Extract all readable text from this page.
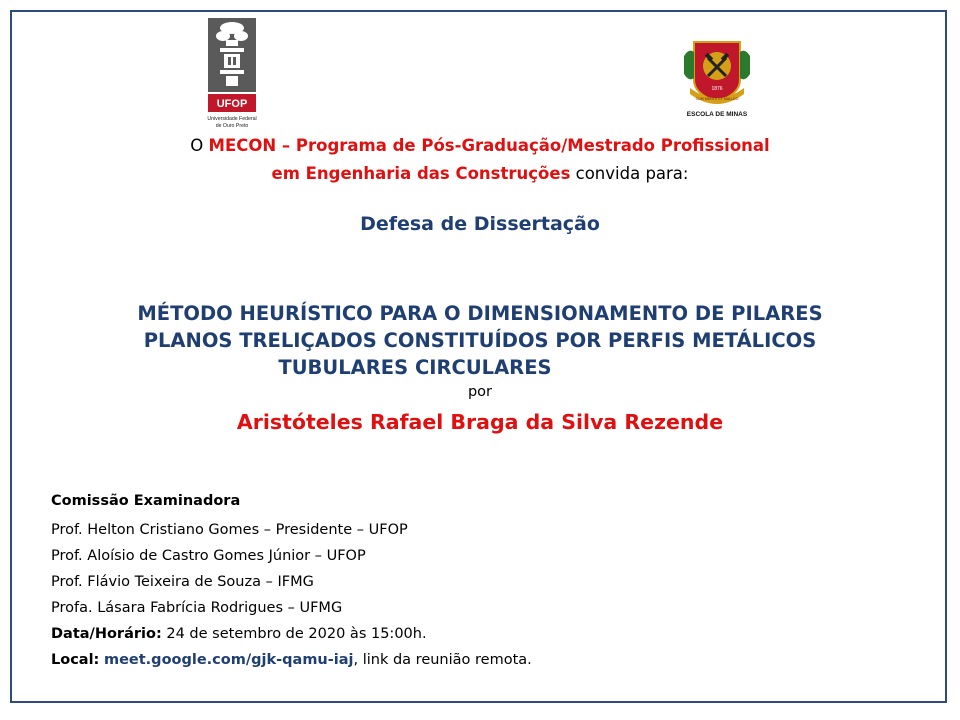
UFOP
Universidade Federal
de Ouro Preto
1876
CUM MENTE ET MALLEO
ESCOLA DE MINAS
O MECON – Programa de Pós-Graduação/Mestrado Profissional
em Engenharia das Construções convida para:
Defesa de Dissertação
MÉTODO HEURÍSTICO PARA O DIMENSIONAMENTO DE PILARES
PLANOS TRELIÇADOS CONSTITUÍDOS POR PERFIS METÁLICOS
TUBULARES CIRCULARES
por
Aristóteles Rafael Braga da Silva Rezende
Comissão Examinadora
Prof. Helton Cristiano Gomes – Presidente – UFOP
Prof. Aloísio de Castro Gomes Júnior – UFOP
Prof. Flávio Teixeira de Souza – IFMG
Profa. Lásara Fabrícia Rodrigues – UFMG
Data/Horário: 24 de setembro de 2020 às 15:00h.
Local: meet.google.com/gjk-qamu-iaj, link da reunião remota.
